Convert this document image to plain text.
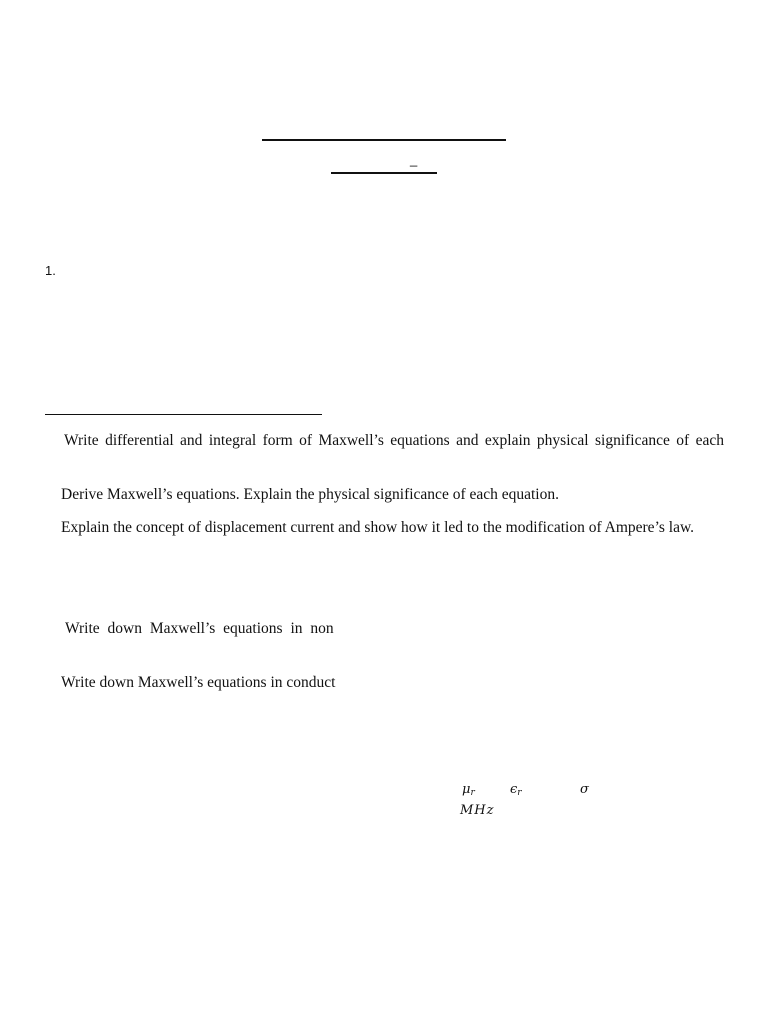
_
1.
Write differential and integral form of Maxwell’s equations and explain physical significance of each
Derive Maxwell’s equations. Explain the physical significance of each equation.
Explain the concept of displacement current and show how it led to the modification of Ampere’s law.
Write down Maxwell’s equations in non
Write down Maxwell’s equations in conduct
$\mu_r$	$\epsilon_r$	σ
MHz
